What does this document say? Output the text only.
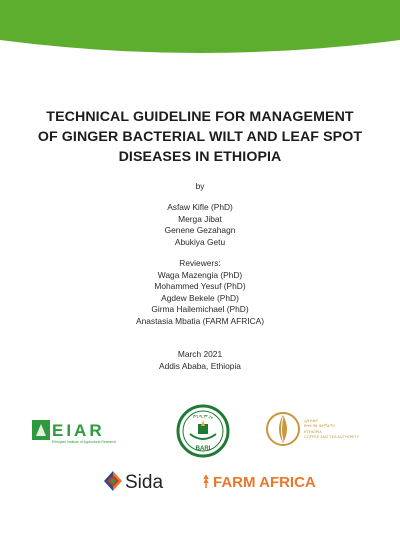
TECHNICAL GUIDELINE FOR MANAGEMENT
OF GINGER BACTERIAL WILT AND LEAF SPOT
DISEASES IN ETHIOPIA
by
Asfaw Kifle (PhD)
Merga Jibat
Genene Gezahagn
Abukiya Getu
Reviewers:
Waga Mazengia (PhD)
Mohammed Yesuf (PhD)
Agdew Bekele (PhD)
Girma Hailemichael (PhD)
Anastasia Mbatia (FARM AFRICA)
March 2021
Addis Ababa, Ethiopia
EIAR
Ethiopian Institute of Agricultural Research
የባ.ግ.ም.ኢ
BARI
ኢትዮጵያ
ቡናና ሻይ ባለሥልጣን
ETHIOPIA
COFFEE AND TEA AUTHORITY
Sida	FARM AFRICA
